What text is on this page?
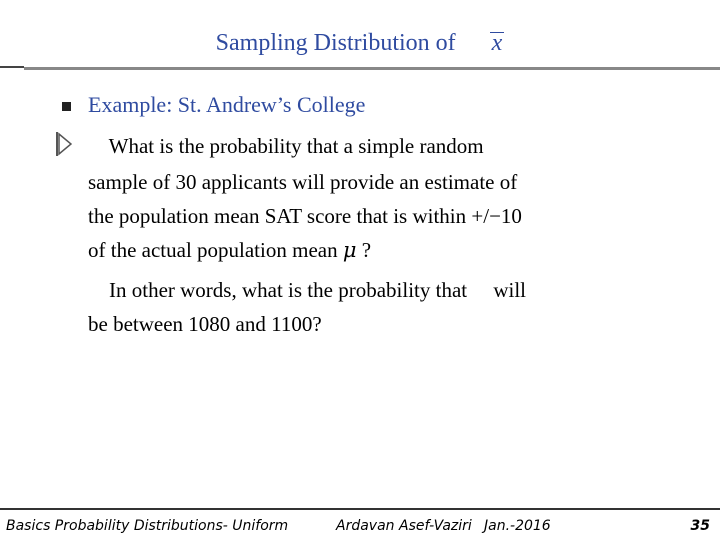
Sampling Distribution of x
Example: St. Andrew’s College
What is the probability that a simple random
sample of 30 applicants will provide an estimate of
the population mean SAT score that is within +/−10
of the actual population mean μ ?
In other words, what is the probability that     will
be between 1080 and 1100?
Basics Probability Distributions- Uniform	Ardavan Asef-Vaziri Jan.-2016	35
